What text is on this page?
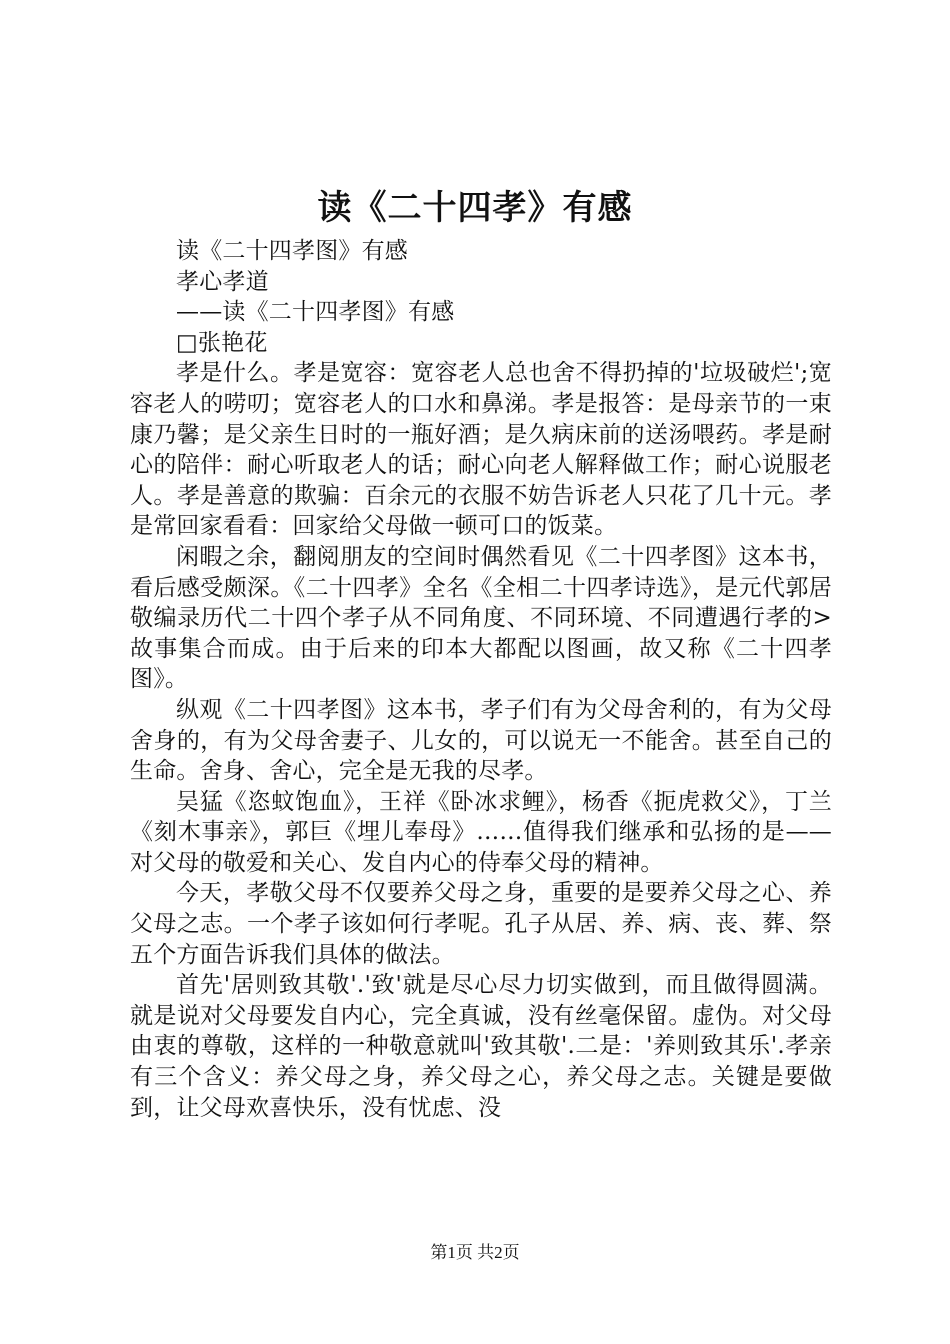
读《二十四孝》有感

读《二十四孝图》有感

孝心孝道

——读《二十四孝图》有感

□张艳花

孝是什么。孝是宽容：宽容老人总也舍不得扔掉的'垃圾破烂';宽容老人的唠叨；宽容老人的口水和鼻涕。孝是报答：是母亲节的一束康乃馨；是父亲生日时的一瓶好酒；是久病床前的送汤喂药。孝是耐心的陪伴：耐心听取老人的话；耐心向老人解释做工作；耐心说服老人。孝是善意的欺骗：百余元的衣服不妨告诉老人只花了几十元。孝是常回家看看：回家给父母做一顿可口的饭菜。

闲暇之余，翻阅朋友的空间时偶然看见《二十四孝图》这本书，看后感受颇深。《二十四孝》全名《全相二十四孝诗选》，是元代郭居敬编录历代二十四个孝子从不同角度、不同环境、不同遭遇行孝的>故事集合而成。由于后来的印本大都配以图画，故又称《二十四孝图》。

纵观《二十四孝图》这本书，孝子们有为父母舍利的，有为父母舍身的，有为父母舍妻子、儿女的，可以说无一不能舍。甚至自己的生命。舍身、舍心，完全是无我的尽孝。

吴猛《恣蚊饱血》，王祥《卧冰求鲤》，杨香《扼虎救父》，丁兰《刻木事亲》，郭巨《埋儿奉母》……值得我们继承和弘扬的是——对父母的敬爱和关心、发自内心的侍奉父母的精神。

今天，孝敬父母不仅要养父母之身，重要的是要养父母之心、养父母之志。一个孝子该如何行孝呢。孔子从居、养、病、丧、葬、祭五个方面告诉我们具体的做法。

首先'居则致其敬'.'致'就是尽心尽力切实做到，而且做得圆满。就是说对父母要发自内心，完全真诚，没有丝毫保留。虚伪。对父母由衷的尊敬，这样的一种敬意就叫'致其敬'.二是：'养则致其乐'.孝亲有三个含义：养父母之身，养父母之心，养父母之志。关键是要做到，让父母欢喜快乐，没有忧虑、没

第1页 共2页
